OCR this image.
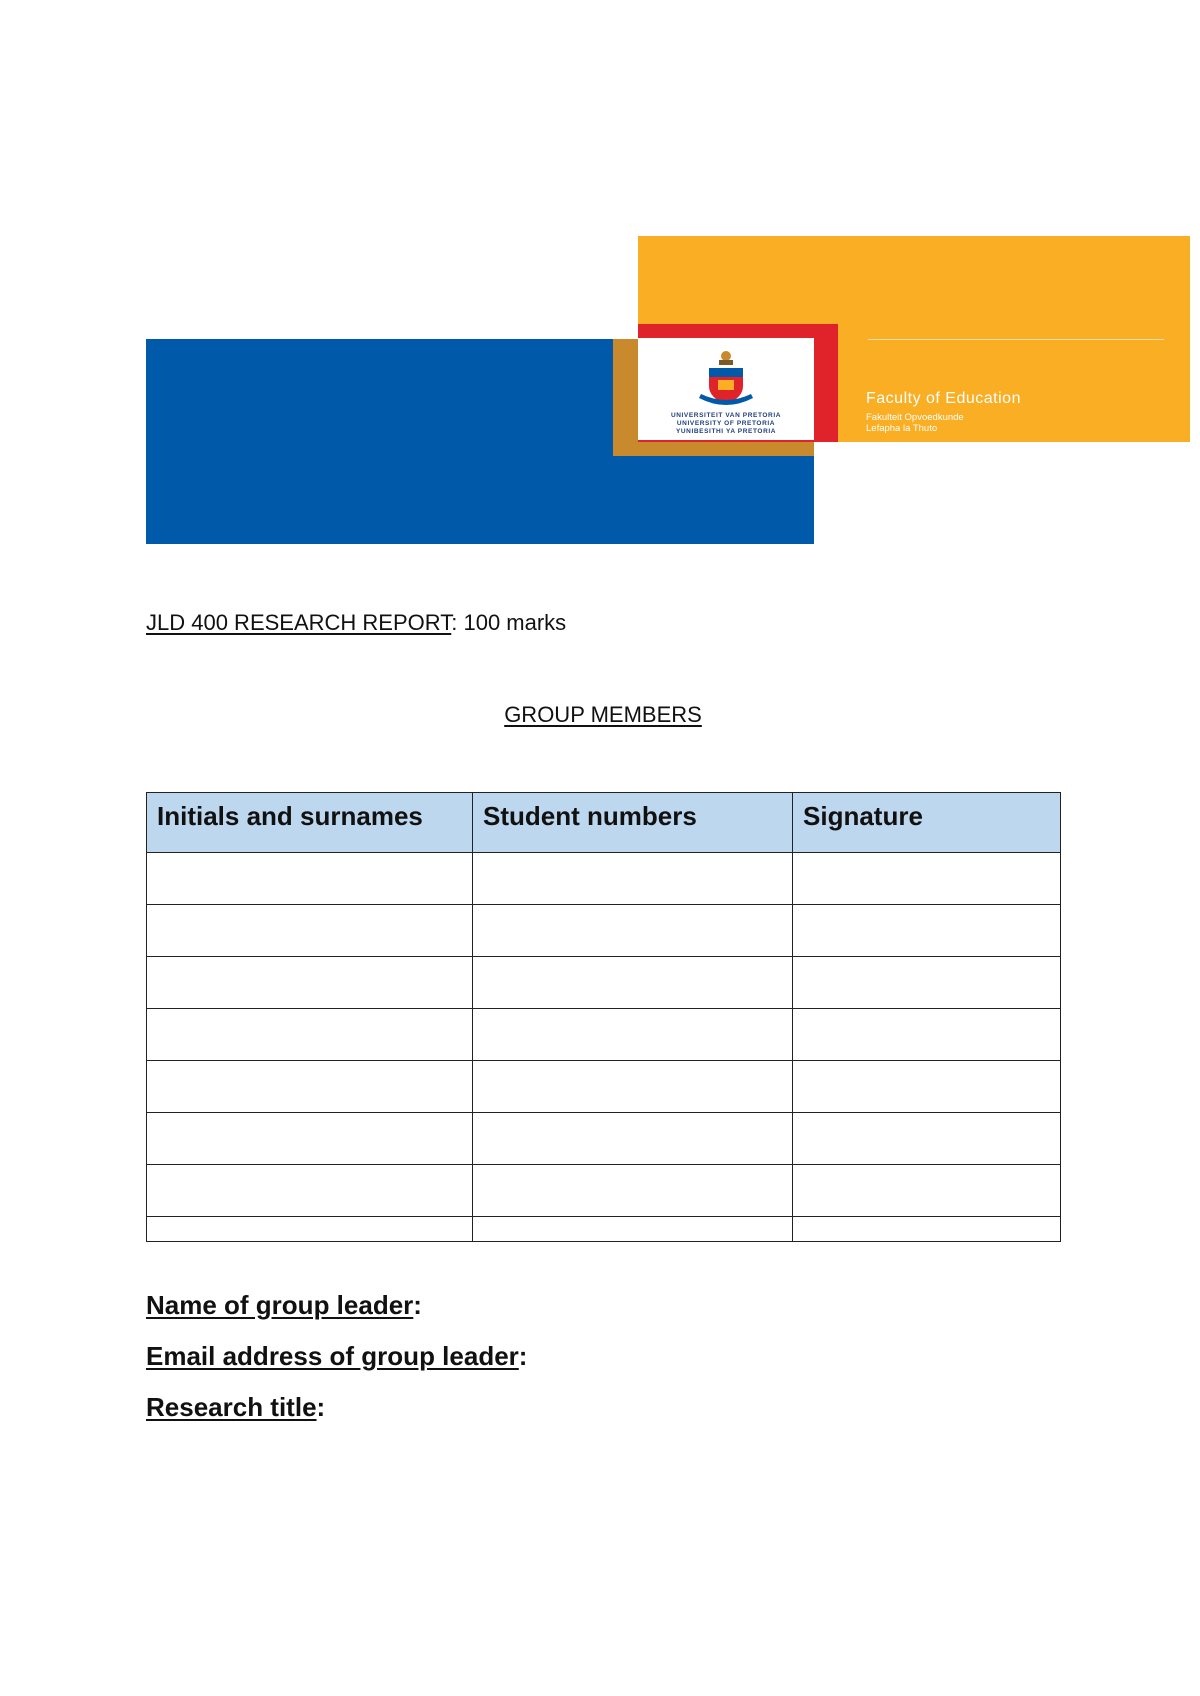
UNIVERSITEIT VAN PRETORIA
UNIVERSITY OF PRETORIA
YUNIBESITHI YA PRETORIA
Faculty of Education
Fakulteit Opvoedkunde
Lefapha la Thuto
JLD 400 RESEARCH REPORT: 100 marks
GROUP MEMBERS
Initials and surnames	Student numbers	Signature

Name of group leader:
Email address of group leader:
Research title:
